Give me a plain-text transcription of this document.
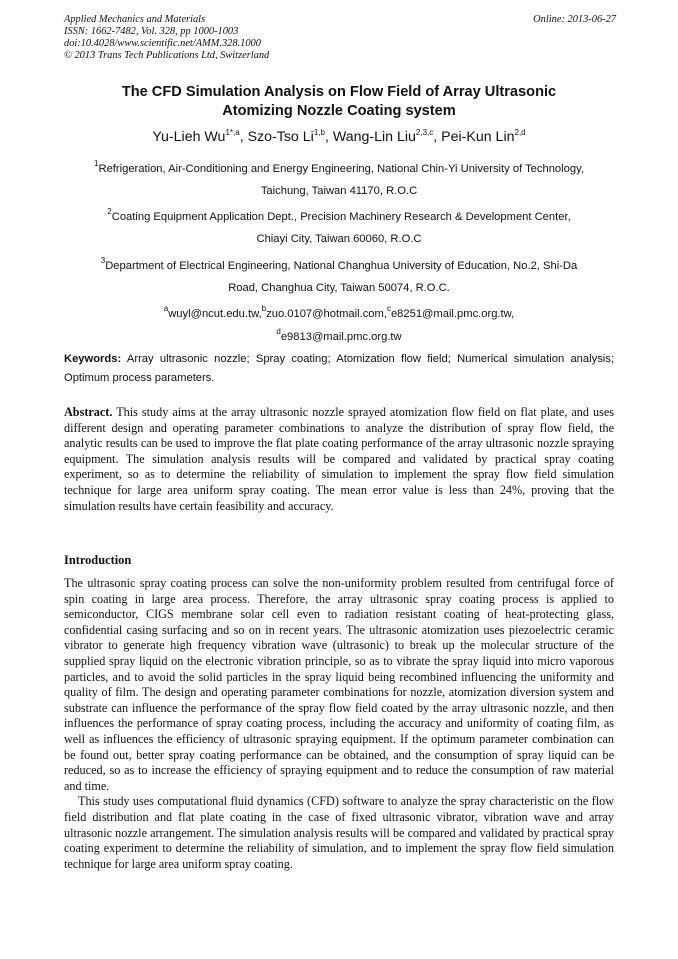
Applied Mechanics and Materials
ISSN: 1662-7482, Vol. 328, pp 1000-1003
doi:10.4028/www.scientific.net/AMM.328.1000
© 2013 Trans Tech Publications Ltd, Switzerland
Online: 2013-06-27
The CFD Simulation Analysis on Flow Field of Array Ultrasonic
Atomizing Nozzle Coating system
Yu-Lieh $Wu^{1*,a}$, Szo-Tso Li$^{1,b}$, Wang-Lin Liu$^{2,3,c}$, Pei-Kun Lin$^{2,d}$
$^1$Refrigeration, Air-Conditioning and Energy Engineering, National Chin-Yi University of Technology,
Taichung, Taiwan 41170, R.O.C
$^2$Coating Equipment Application Dept., Precision Machinery Research & Development Center,
Chiayi City, Taiwan 60060, R.O.C
$^3$Department of Electrical Engineering, National Changhua University of Education, No.2, Shi-Da
Road, Changhua City, Taiwan 50074, R.O.C.
$^a$wuyl@ncut.edu.tw,$^b$zuo.0107@hotmail.com,$^c$e8251@mail.pmc.org.tw,
$^d$e9813@mail.pmc.org.tw
Keywords: Array ultrasonic nozzle; Spray coating; Atomization flow field; Numerical simulation analysis; Optimum process parameters.
Abstract. This study aims at the array ultrasonic nozzle sprayed atomization flow field on flat plate, and uses different design and operating parameter combinations to analyze the distribution of spray flow field, the analytic results can be used to improve the flat plate coating performance of the array ultrasonic nozzle spraying equipment. The simulation analysis results will be compared and validated by practical spray coating experiment, so as to determine the reliability of simulation to implement the spray flow field simulation technique for large area uniform spray coating. The mean error value is less than 24%, proving that the simulation results have certain feasibility and accuracy.
Introduction

The ultrasonic spray coating process can solve the non-uniformity problem resulted from centrifugal force of spin coating in large area process. Therefore, the array ultrasonic spray coating process is applied to semiconductor, CIGS membrane solar cell even to radiation resistant coating of heat-protecting glass, confidential casing surfacing and so on in recent years. The ultrasonic atomization uses piezoelectric ceramic vibrator to generate high frequency vibration wave (ultrasonic) to break up the molecular structure of the supplied spray liquid on the electronic vibration principle, so as to vibrate the spray liquid into micro vaporous particles, and to avoid the solid particles in the spray liquid being recombined influencing the uniformity and quality of film. The design and operating parameter combinations for nozzle, atomization diversion system and substrate can influence the performance of the spray flow field coated by the array ultrasonic nozzle, and then influences the performance of spray coating process, including the accuracy and uniformity of coating film, as well as influences the efficiency of ultrasonic spraying equipment. If the optimum parameter combination can be found out, better spray coating performance can be obtained, and the consumption of spray liquid can be reduced, so as to increase the efficiency of spraying equipment and to reduce the consumption of raw material and time.

This study uses computational fluid dynamics (CFD) software to analyze the spray characteristic on the flow field distribution and flat plate coating in the case of fixed ultrasonic vibrator, vibration wave and array ultrasonic nozzle arrangement. The simulation analysis results will be compared and validated by practical spray coating experiment to determine the reliability of simulation, and to implement the spray flow field simulation technique for large area uniform spray coating.
